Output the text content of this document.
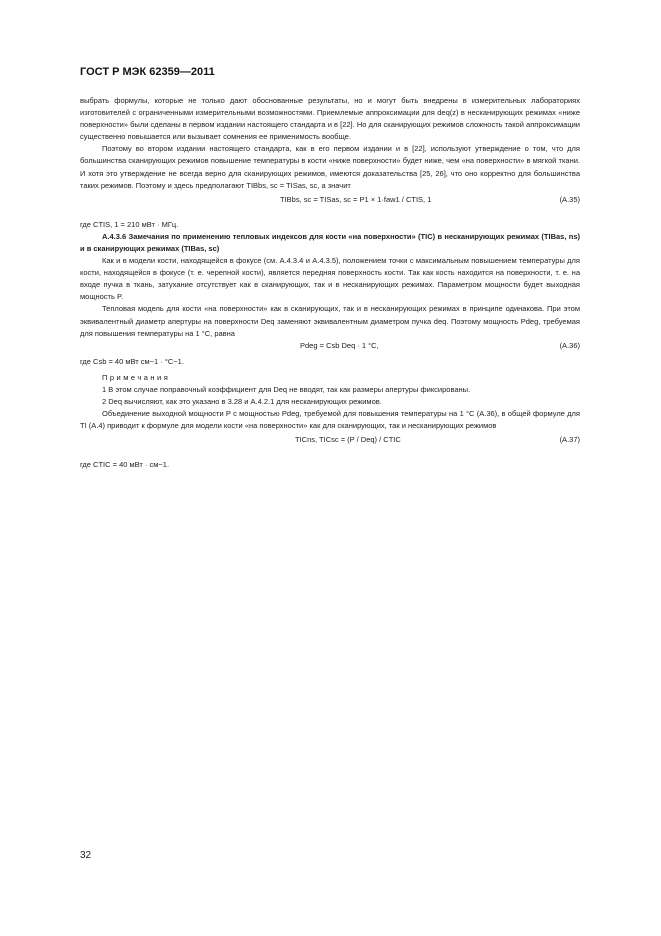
ГОСТ Р МЭК 62359—2011

выбрать формулы, которые не только дают обоснованные результаты, но и могут быть внедрены в измерительных лабораториях изготовителей с ограниченными измерительными возможностями. Приемлемые аппроксимации для deq(z) в несканирующих режимах «ниже поверхности» были сделаны в первом издании настоящего стандарта и в [22]. Но для сканирующих режимов сложность такой аппроксимации существенно повышается или вызывает сомнения ее применимость вообще.

Поэтому во втором издании настоящего стандарта, как в его первом издании и в [22], используют утверждение о том, что для большинства сканирующих режимов повышение температуры в кости «ниже поверхности» будет ниже, чем «на поверхности» в мягкой ткани. И хотя это утверждение не всегда верно для сканирующих режимов, имеются доказательства [25, 26], что оно корректно для большинства таких режимов. Поэтому и здесь предполагают TIBbs, sc = TISas, sc, а значит

TIBbs, sc = TISas, sc = P1 × 1·faw1 / CTIS, 1	(А.35)

где CTIS, 1 = 210 мВт · МГц.

А.4.3.6 Замечания по применению тепловых индексов для кости «на поверхности» (TIC) в несканирующих режимах (TIBas, ns) и в сканирующих режимах (TIBas, sc)

Как и в модели кости, находящейся в фокусе (см. А.4.3.4 и А.4.3.5), положением точки с максимальным повышением температуры для кости, находящейся в фокусе (т. е. черепной кости), является передняя поверхность кости. Так как кость находится на поверхности, т. е. на входе пучка в ткань, затухание отсутствует как в сканирующих, так и в несканирующих режимах. Параметром мощности будет выходная мощность P.

Тепловая модель для кости «на поверхности» как в сканирующих, так и в несканирующих режимах в принципе одинакова. При этом эквивалентный диаметр апертуры на поверхности Deq заменяют эквивалентным диаметром пучка deq. Поэтому мощность Pdeg, требуемая для повышения температуры на 1 °С, равна

Pdeg = Csb Deq · 1 °C,	(А.36)

где Csb = 40 мВт см−1 · °С−1.

Примечания

1 В этом случае поправочный коэффициент для Deq не вводят, так как размеры апертуры фиксированы.

2 Deq вычисляют, как это указано в 3.28 и А.4.2.1 для несканирующих режимов.

Объединение выходной мощности P с мощностью Pdeg, требуемой для повышения температуры на 1 °С (А.36), в общей формуле для TI (А.4) приводит к формуле для модели кости «на поверхности» как для сканирующих, так и несканирующих режимов

TICns, TICsc = (P / Deq) / CTIC	(А.37)

где CTIC = 40 мВт · см−1.

32
